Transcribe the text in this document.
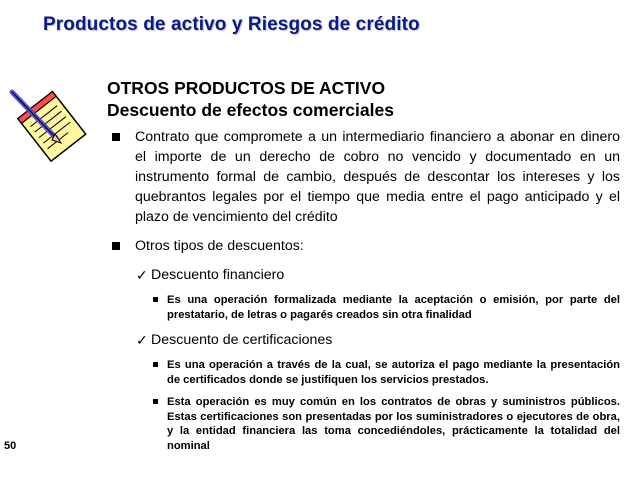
Productos de activo y Riesgos de crédito
OTROS PRODUCTOS DE ACTIVO
Descuento de efectos comerciales
Contrato que compromete a un intermediario financiero a abonar en dinero el importe de un derecho de cobro no vencido y documentado en un instrumento formal de cambio, después de descontar los intereses y los quebrantos legales por el tiempo que media entre el pago anticipado y el plazo de vencimiento del crédito
Otros tipos de descuentos:
✓ Descuento financiero
Es una operación formalizada mediante la aceptación o emisión, por parte del prestatario, de letras o pagarés creados sin otra finalidad
✓ Descuento de certificaciones
Es una operación a través de la cual, se autoriza el pago mediante la presentación de certificados donde se justifiquen los servicios prestados.
Esta operación es muy común en los contratos de obras y suministros públicos. Estas certificaciones son presentadas por los suministradores o ejecutores de obra, y la entidad financiera las toma concediéndoles, prácticamente la totalidad del nominal
50
